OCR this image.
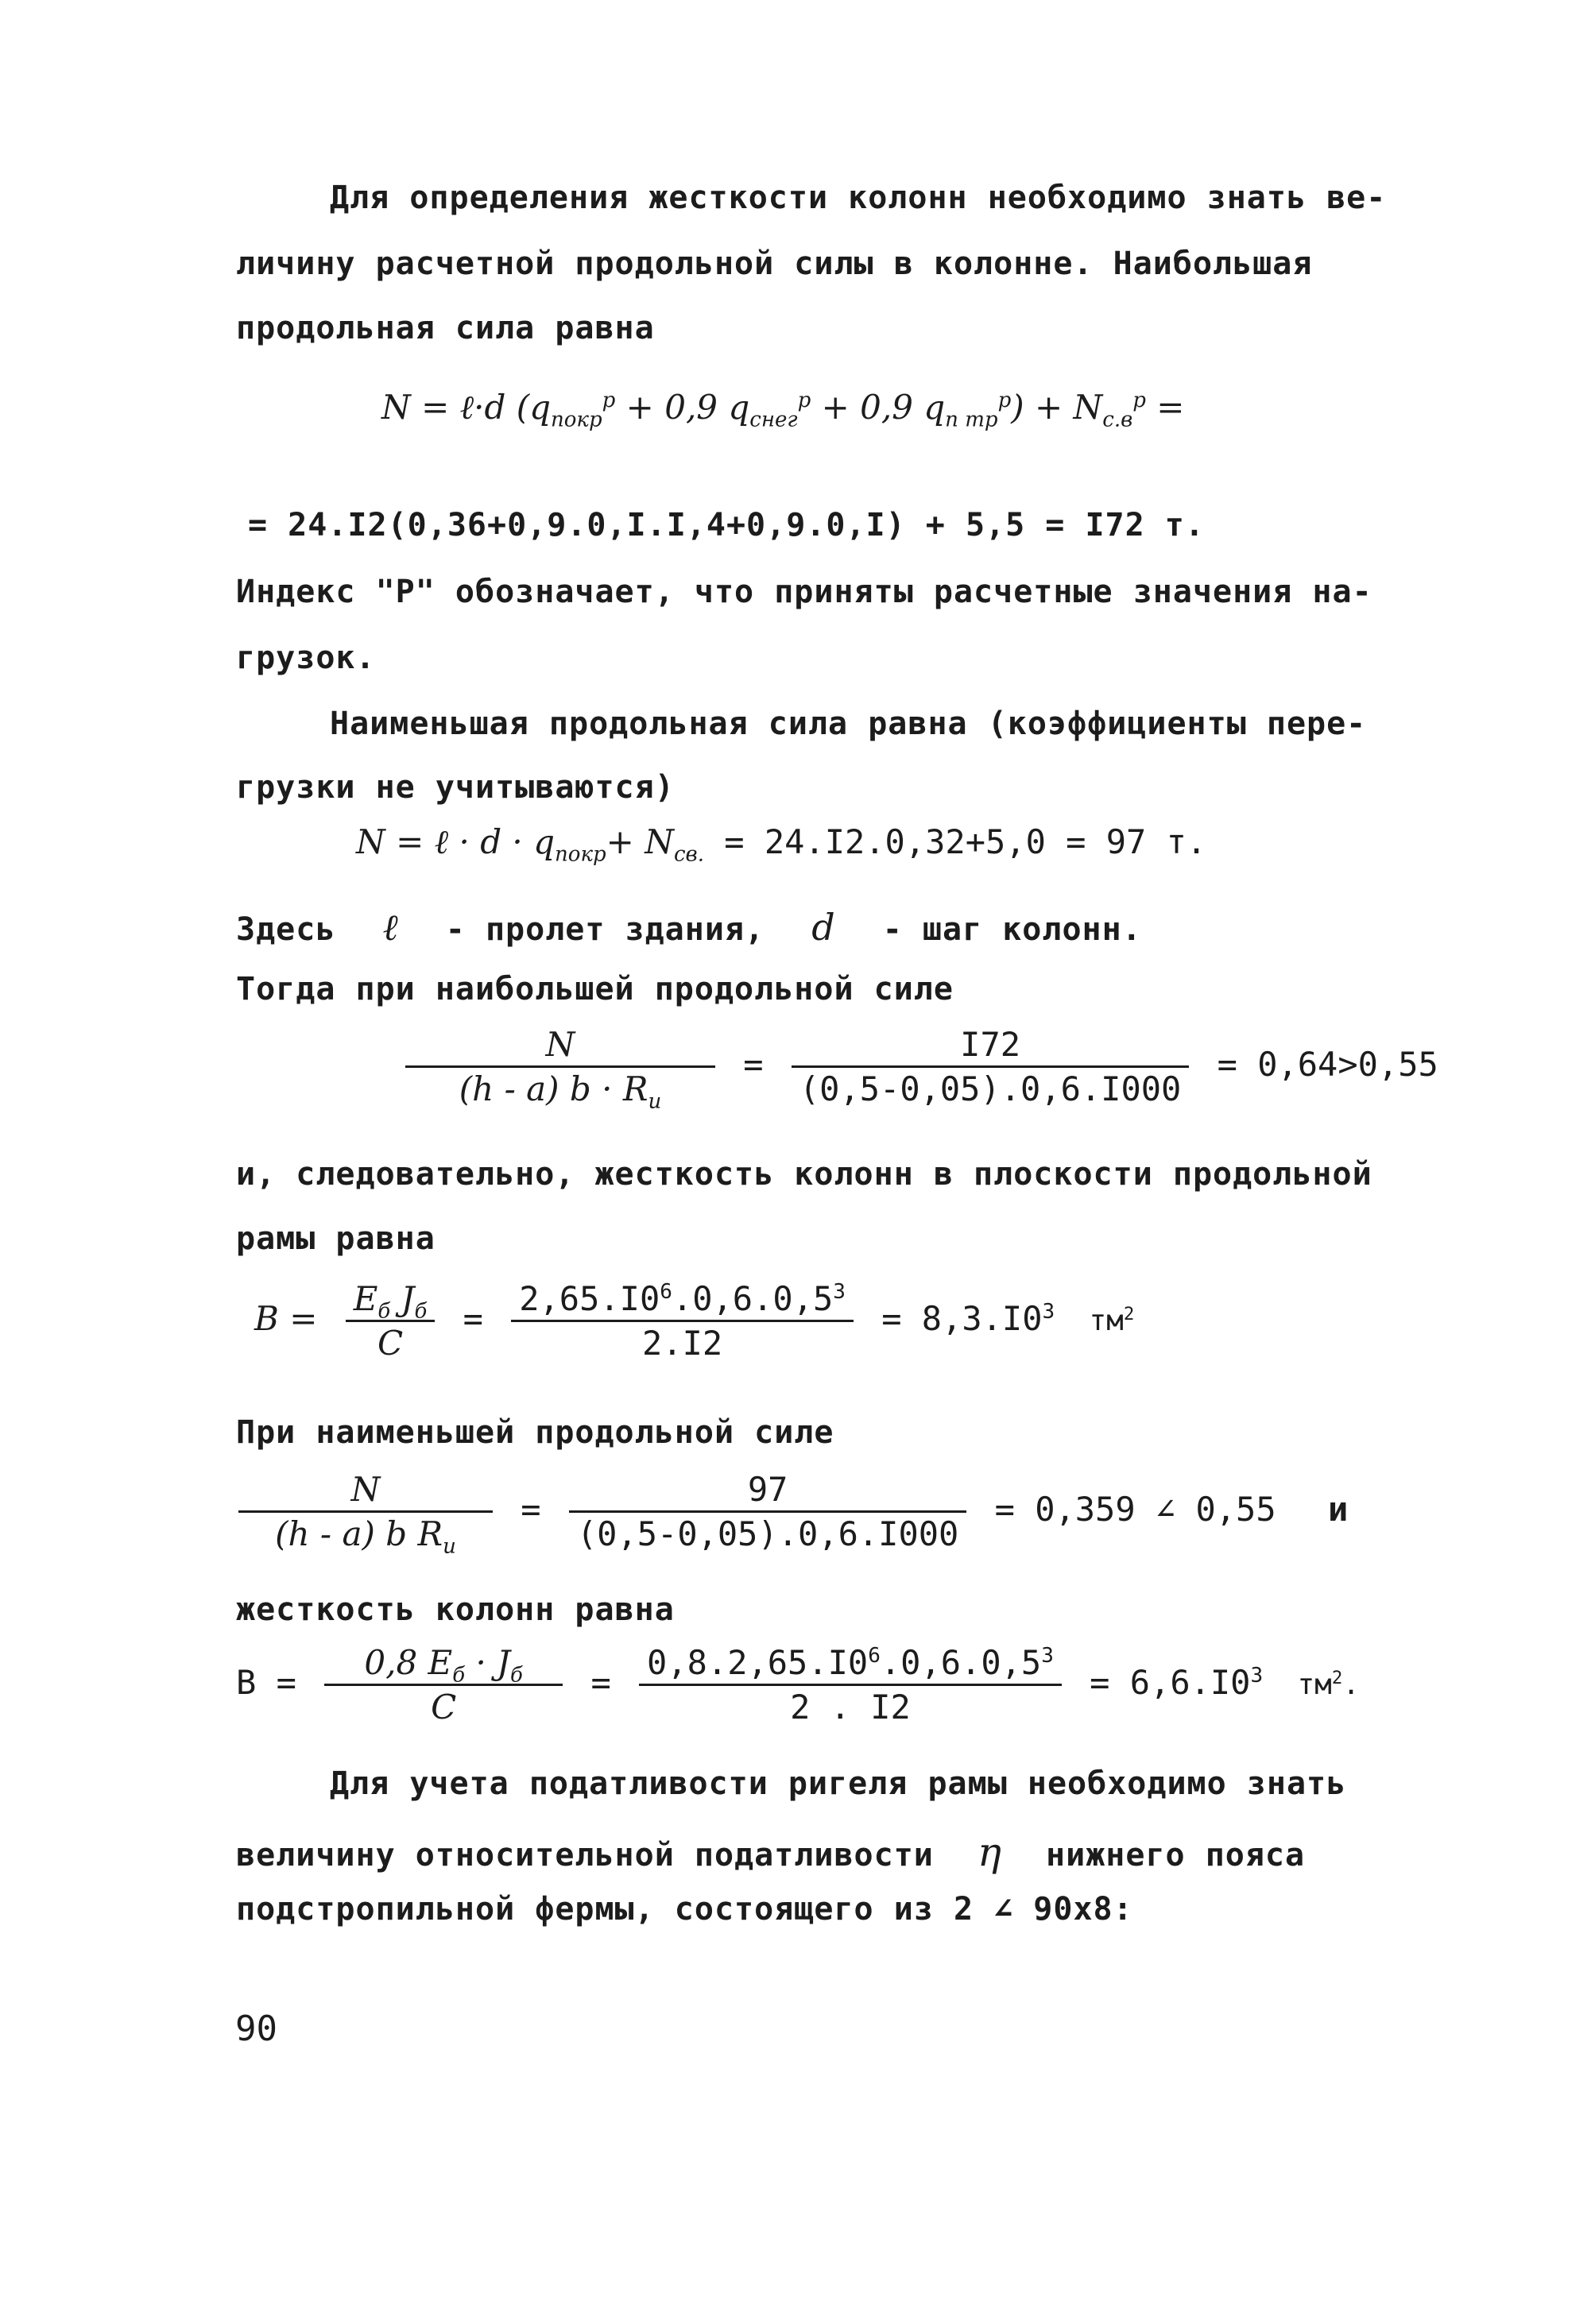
Для определения жесткости колонн необходимо знать ве-
личину расчетной продольной силы в колонне. Наибольшая
продольная сила равна
N = ℓ·d ($q_{покр}^р + 0,9$ $q_{снег}^р + 0,9$ $q_{п тр}^р) + N_{с.в}^р$ =
= 24.I2(0,36+0,9.0,I.I,4+0,9.0,I) + 5,5 = I72 т.
Индекс "Р" обозначает, что приняты расчетные значения на-
грузок.
Наименьшая продольная сила равна (коэффициенты пере-
грузки не учитываются)
N = ℓ · $d \cdot q_{покр}+ N_{св.} = 24.I2.0,32+5,0 = 97$ т.
Здесь ℓ - пролет здания, d - шаг колонн.
Тогда при наибольшей продольной силе
$\frac{N}{(h - a) b \cdot R_u} = \frac{I72}{(0,5-0,05).0,6.I000} = 0,64>0,55$
и, следовательно, жесткость колонн в плоскости продольной
рамы равна
$B = \frac{E_б J_б}{C} = \frac{2,65.I0^6.0,6.0,5^3}{2.I2} = 8,3.I0^3$ $тм^2$
При наименьшей продольной силе
$\frac{N}{(h - a) b R_u} = \frac{97}{(0,5-0,05).0,6.I000} = 0,359$ ∠ 0,55 и
жесткость колонн равна
$B = \frac{0,8 E_б \cdot J_б}{C} = \frac{0,8.2,65.I0^6.0,6.0,5^3}{2 . I2} = 6,6.I0^3$ $тм^2$.
Для учета податливости ригеля рамы необходимо знать
величину относительной податливости η нижнего пояса
подстропильной фермы, состоящего из 2 ∠ 90х8:
90
